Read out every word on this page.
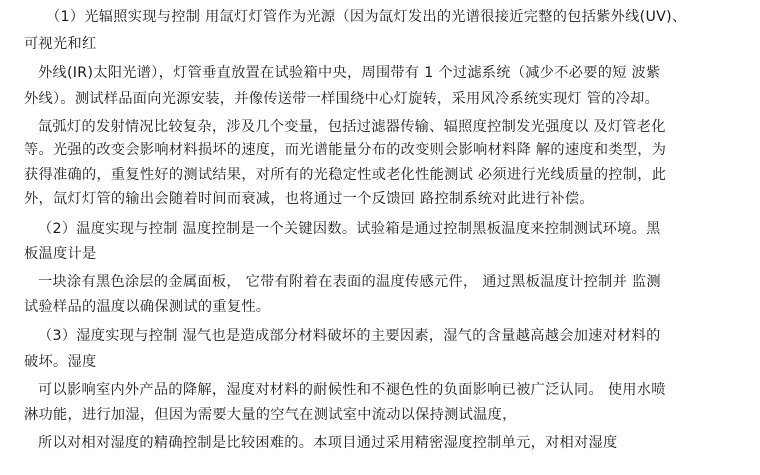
（1）光辐照实现与控制 用氙灯灯管作为光源（因为氙灯发出的光谱很接近完整的包括紫外线(UV)、
可视光和红
外线(IR)太阳光谱），灯管垂直放置在试验箱中央，周围带有 1 个过滤系统（减少不必要的短 波紫
外线）。测试样品面向光源安装，并像传送带一样围绕中心灯旋转，采用风冷系统实现灯 管的冷却。
氙弧灯的发射情况比较复杂，涉及几个变量，包括过滤器传输、辐照度控制发光强度以 及灯管老化
等。光强的改变会影响材料损坏的速度，而光谱能量分布的改变则会影响材料降 解的速度和类型，为
获得准确的，重复性好的测试结果，对所有的光稳定性或老化性能测试 必须进行光线质量的控制，此
外，氙灯灯管的输出会随着时间而衰减，也将通过一个反馈回 路控制系统对此进行补偿。
（2）温度实现与控制 温度控制是一个关键因数。试验箱是通过控制黑板温度来控制测试环境。黑
板温度计是
一块涂有黑色涂层的金属面板， 它带有附着在表面的温度传感元件， 通过黑板温度计控制并 监测
试验样品的温度以确保测试的重复性。
（3）湿度实现与控制 湿气也是造成部分材料破坏的主要因素，湿气的含量越高越会加速对材料的
破坏。湿度
可以影响室内外产品的降解，湿度对材料的耐候性和不褪色性的负面影响已被广泛认同。 使用水喷
淋功能，进行加湿，但因为需要大量的空气在测试室中流动以保持测试温度，
所以对相对湿度的精确控制是比较困难的。本项目通过采用精密湿度控制单元，对相对湿度
